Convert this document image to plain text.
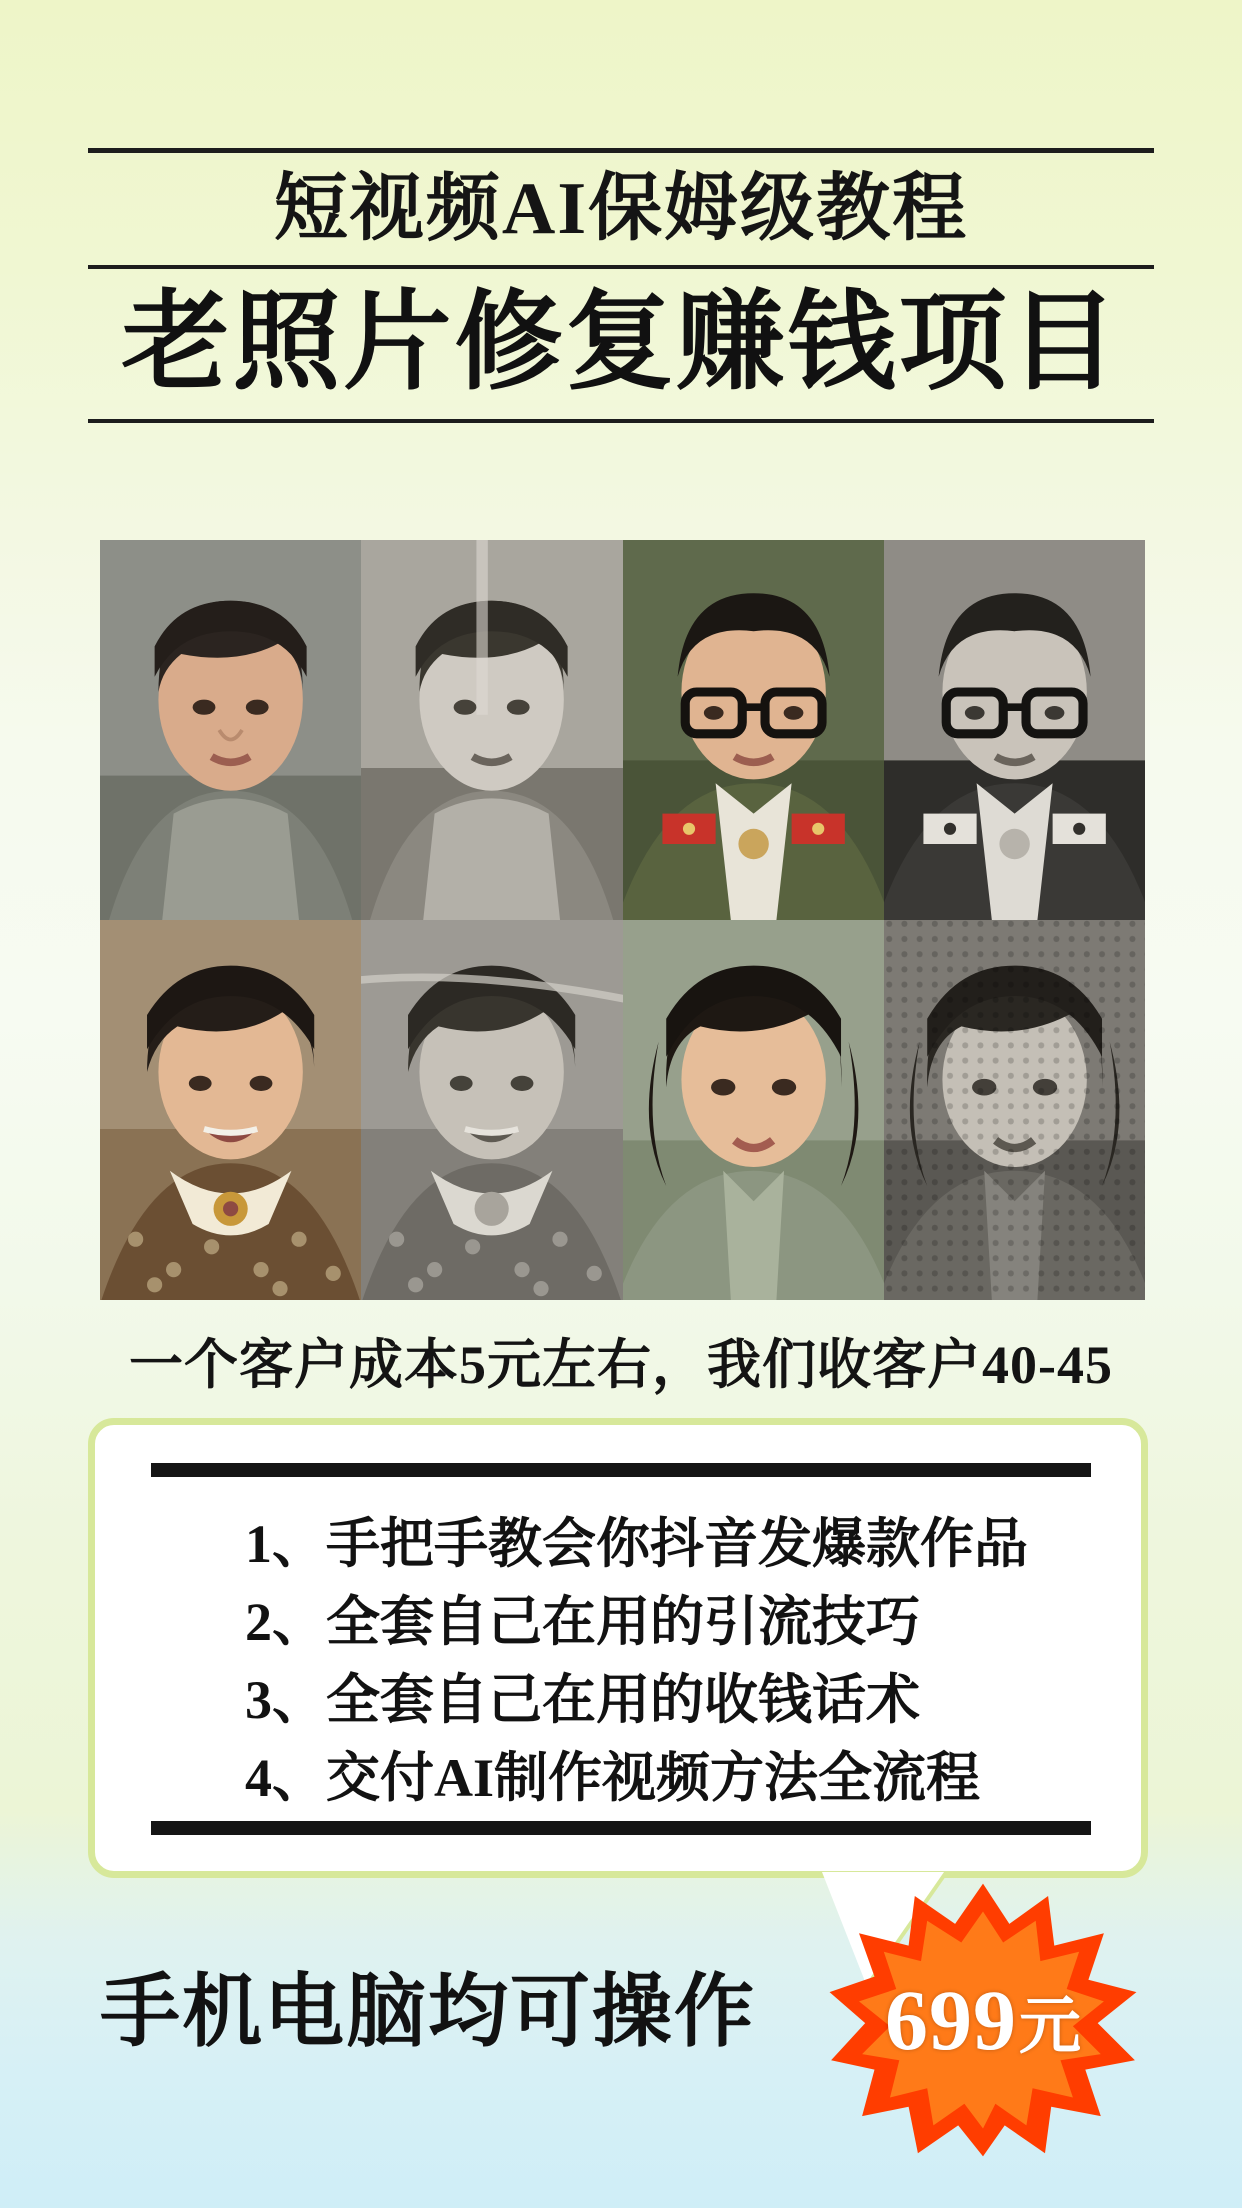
短视频AI保姆级教程
老照片修复赚钱项目
一个客户成本5元左右，我们收客户40-45
1、手把手教会你抖音发爆款作品
2、全套自己在用的引流技巧
3、全套自己在用的收钱话术
4、交付AI制作视频方法全流程
手机电脑均可操作 699 元
